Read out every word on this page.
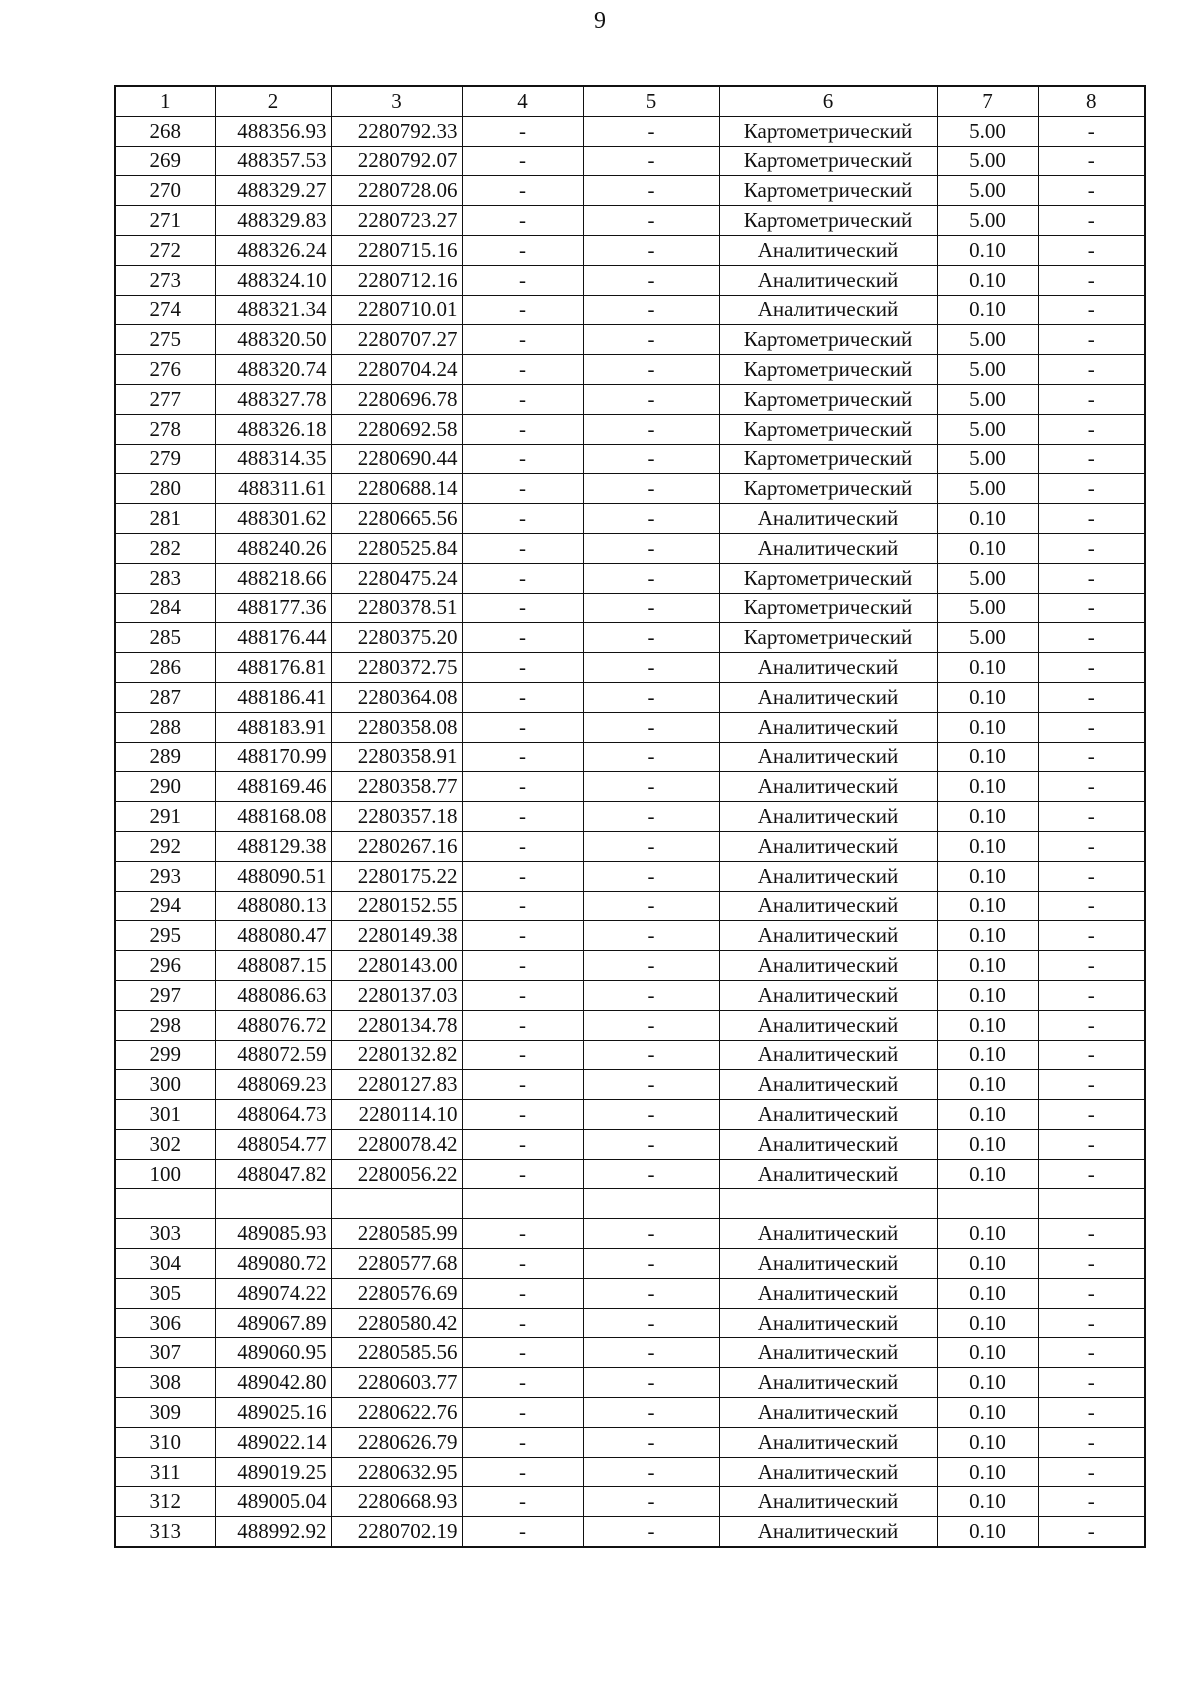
9
1	2	3	4	5	6	7	8
268	488356.93	2280792.33	-	-	Картометрический	5.00	-
269	488357.53	2280792.07	-	-	Картометрический	5.00	-
270	488329.27	2280728.06	-	-	Картометрический	5.00	-
271	488329.83	2280723.27	-	-	Картометрический	5.00	-
272	488326.24	2280715.16	-	-	Аналитический	0.10	-
273	488324.10	2280712.16	-	-	Аналитический	0.10	-
274	488321.34	2280710.01	-	-	Аналитический	0.10	-
275	488320.50	2280707.27	-	-	Картометрический	5.00	-
276	488320.74	2280704.24	-	-	Картометрический	5.00	-
277	488327.78	2280696.78	-	-	Картометрический	5.00	-
278	488326.18	2280692.58	-	-	Картометрический	5.00	-
279	488314.35	2280690.44	-	-	Картометрический	5.00	-
280	488311.61	2280688.14	-	-	Картометрический	5.00	-
281	488301.62	2280665.56	-	-	Аналитический	0.10	-
282	488240.26	2280525.84	-	-	Аналитический	0.10	-
283	488218.66	2280475.24	-	-	Картометрический	5.00	-
284	488177.36	2280378.51	-	-	Картометрический	5.00	-
285	488176.44	2280375.20	-	-	Картометрический	5.00	-
286	488176.81	2280372.75	-	-	Аналитический	0.10	-
287	488186.41	2280364.08	-	-	Аналитический	0.10	-
288	488183.91	2280358.08	-	-	Аналитический	0.10	-
289	488170.99	2280358.91	-	-	Аналитический	0.10	-
290	488169.46	2280358.77	-	-	Аналитический	0.10	-
291	488168.08	2280357.18	-	-	Аналитический	0.10	-
292	488129.38	2280267.16	-	-	Аналитический	0.10	-
293	488090.51	2280175.22	-	-	Аналитический	0.10	-
294	488080.13	2280152.55	-	-	Аналитический	0.10	-
295	488080.47	2280149.38	-	-	Аналитический	0.10	-
296	488087.15	2280143.00	-	-	Аналитический	0.10	-
297	488086.63	2280137.03	-	-	Аналитический	0.10	-
298	488076.72	2280134.78	-	-	Аналитический	0.10	-
299	488072.59	2280132.82	-	-	Аналитический	0.10	-
300	488069.23	2280127.83	-	-	Аналитический	0.10	-
301	488064.73	2280114.10	-	-	Аналитический	0.10	-
302	488054.77	2280078.42	-	-	Аналитический	0.10	-
100	488047.82	2280056.22	-	-	Аналитический	0.10	-

303	489085.93	2280585.99	-	-	Аналитический	0.10	-
304	489080.72	2280577.68	-	-	Аналитический	0.10	-
305	489074.22	2280576.69	-	-	Аналитический	0.10	-
306	489067.89	2280580.42	-	-	Аналитический	0.10	-
307	489060.95	2280585.56	-	-	Аналитический	0.10	-
308	489042.80	2280603.77	-	-	Аналитический	0.10	-
309	489025.16	2280622.76	-	-	Аналитический	0.10	-
310	489022.14	2280626.79	-	-	Аналитический	0.10	-
311	489019.25	2280632.95	-	-	Аналитический	0.10	-
312	489005.04	2280668.93	-	-	Аналитический	0.10	-
313	488992.92	2280702.19	-	-	Аналитический	0.10	-
